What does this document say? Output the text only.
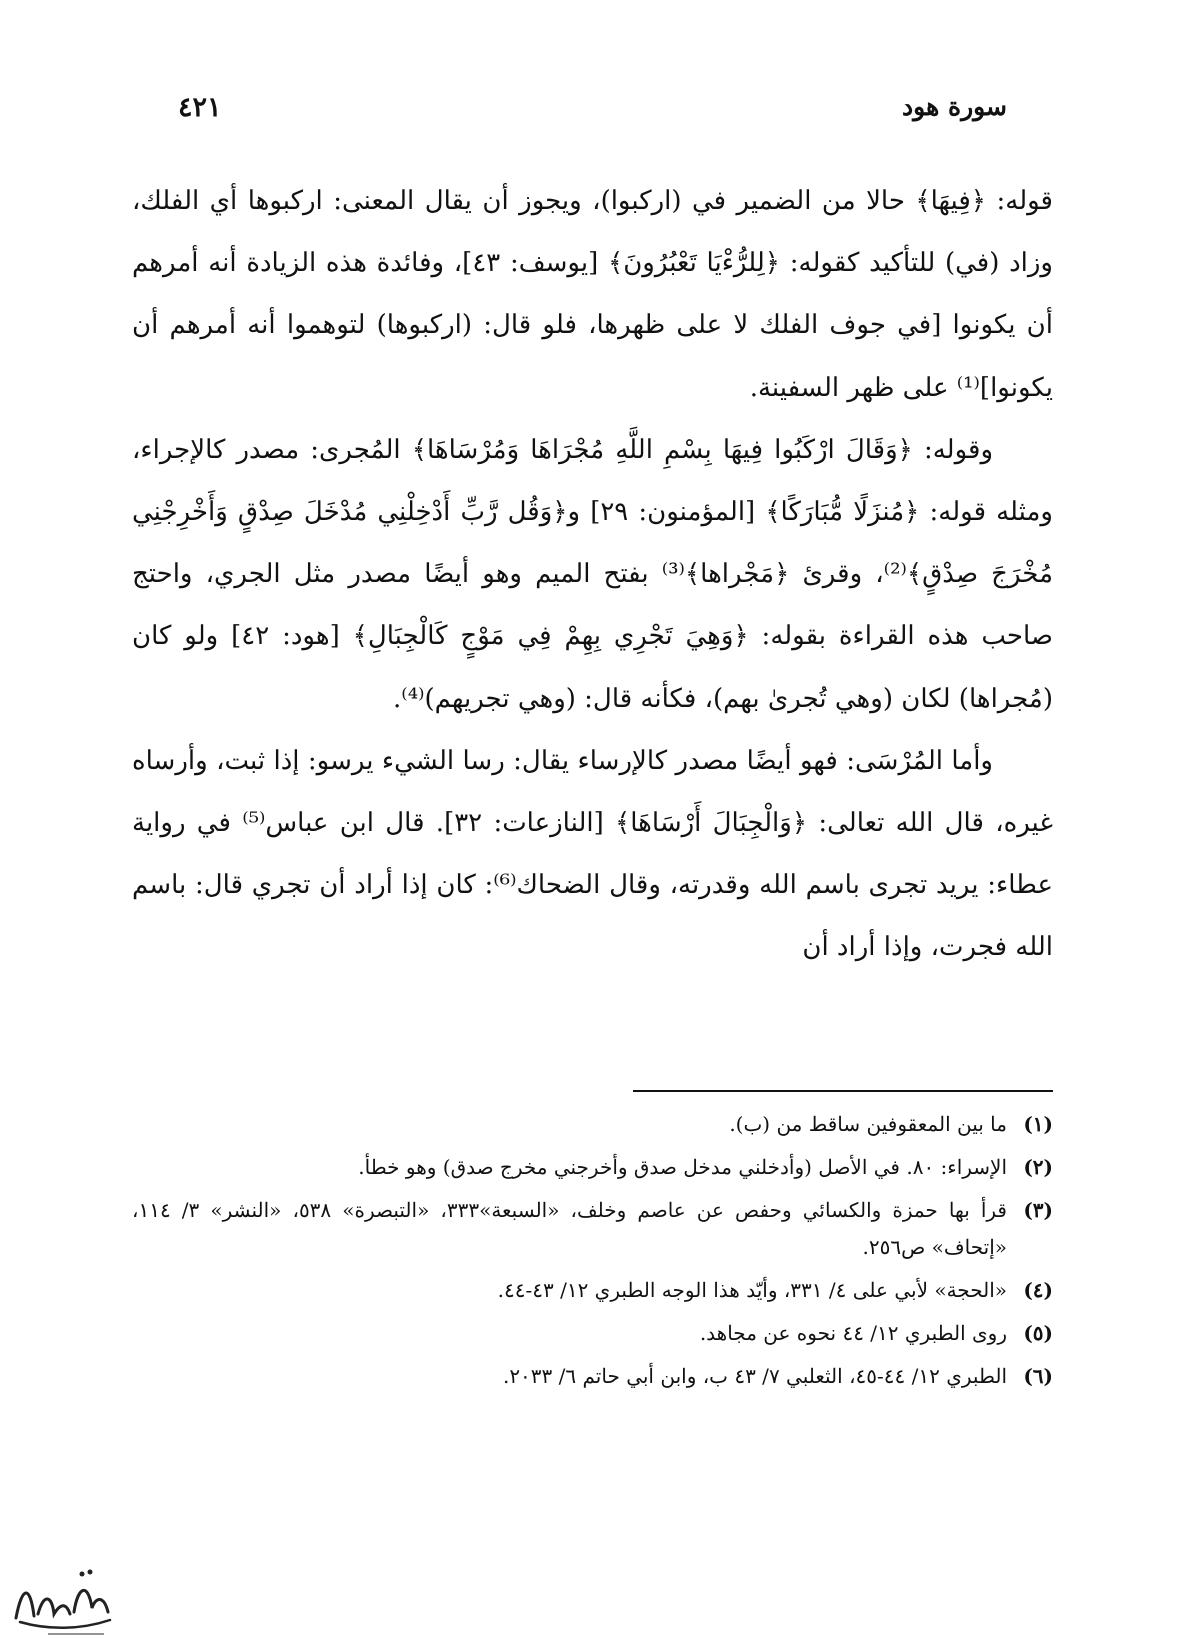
سورة هود
٤٢١

قوله: ﴿فِيهَا﴾ حالا من الضمير في (اركبوا)، ويجوز أن يقال المعنى: اركبوها أي الفلك، وزاد (في) للتأكيد كقوله: ﴿لِلرُّءْيَا تَعْبُرُونَ﴾ [يوسف: ٤٣]، وفائدة هذه الزيادة أنه أمرهم أن يكونوا [في جوف الفلك لا على ظهرها، فلو قال: (اركبوها) لتوهموا أنه أمرهم أن يكونوا]⁽¹⁾ على ظهر السفينة.

وقوله: ﴿وَقَالَ ارْكَبُوا فِيهَا بِسْمِ اللَّهِ مُجْرَاهَا وَمُرْسَاهَا﴾ المُجرى: مصدر كالإجراء، ومثله قوله: ﴿مُنزَلًا مُّبَارَكًا﴾ [المؤمنون: ٢٩] و﴿وَقُل رَّبِّ أَدْخِلْنِي مُدْخَلَ صِدْقٍ وَأَخْرِجْنِي مُخْرَجَ صِدْقٍ﴾⁽²⁾، وقرئ ﴿مَجْراها﴾⁽³⁾ بفتح الميم وهو أيضًا مصدر مثل الجري، واحتج صاحب هذه القراءة بقوله: ﴿وَهِيَ تَجْرِي بِهِمْ فِي مَوْجٍ كَالْجِبَالِ﴾ [هود: ٤٢] ولو كان (مُجراها) لكان (وهي تُجرىٰ بهم)، فكأنه قال: (وهي تجريهم)⁽⁴⁾.

وأما المُرْسَى: فهو أيضًا مصدر كالإرساء يقال: رسا الشيء يرسو: إذا ثبت، وأرساه غيره، قال الله تعالى: ﴿وَالْجِبَالَ أَرْسَاهَا﴾ [النازعات: ٣٢]. قال ابن عباس⁽⁵⁾ في رواية عطاء: يريد تجرى باسم الله وقدرته، وقال الضحاك⁽⁶⁾: كان إذا أراد أن تجري قال: باسم الله فجرت، وإذا أراد أن

(١)
ما بين المعقوفين ساقط من (ب).
(٢)
الإسراء: ٨٠. في الأصل (وأدخلني مدخل صدق وأخرجني مخرج صدق) وهو خطأ.
(٣)
قرأ بها حمزة والكسائي وحفص عن عاصم وخلف، «السبعة»٣٣٣، «التبصرة» ٥٣٨، «النشر» ٣/ ١١٤، «إتحاف» ص٢٥٦.
(٤)
«الحجة» لأبي على ٤/ ٣٣١، وأيّد هذا الوجه الطبري ١٢/ ٤٣-٤٤.
(٥)
روى الطبري ١٢/ ٤٤ نحوه عن مجاهد.
(٦)
الطبري ١٢/ ٤٤-٤٥، الثعلبي ٧/ ٤٣ ب، وابن أبي حاتم ٦/ ٢٠٣٣.
